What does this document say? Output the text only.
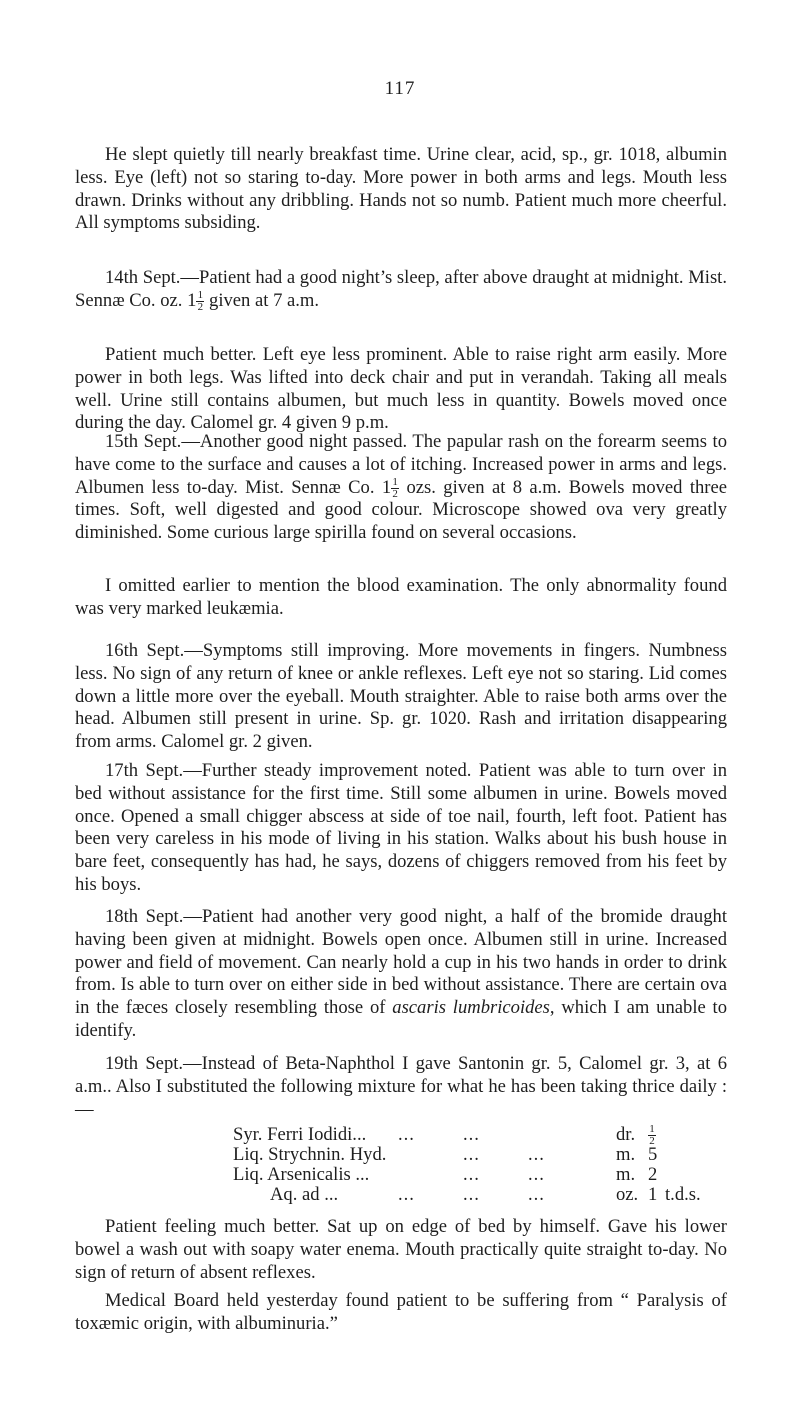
117

He slept quietly till nearly breakfast time. Urine clear, acid, sp., gr. 1018, albumin less. Eye (left) not so staring to-day. More power in both arms and legs. Mouth less drawn. Drinks without any dribbling. Hands not so numb. Patient much more cheerful. All symptoms subsiding.

14th Sept.—Patient had a good night’s sleep, after above draught at midnight. Mist. Sennæ Co. oz. $1 \frac{1}{2}$ given at 7 a.m.

Patient much better. Left eye less prominent. Able to raise right arm easily. More power in both legs. Was lifted into deck chair and put in verandah. Taking all meals well. Urine still contains albumen, but much less in quantity. Bowels moved once during the day. Calomel gr. 4 given 9 p.m.

15th Sept.—Another good night passed. The papular rash on the forearm seems to have come to the surface and causes a lot of itching. Increased power in arms and legs. Albumen less to-day. Mist. Sennæ Co. $1 \frac{1}{2}$ ozs. given at 8 a.m. Bowels moved three times. Soft, well digested and good colour. Microscope showed ova very greatly diminished. Some curious large spirilla found on several occasions.

I omitted earlier to mention the blood examination. The only abnormality found was very marked leukæmia.

16th Sept.—Symptoms still improving. More movements in fingers. Numbness less. No sign of any return of knee or ankle reflexes. Left eye not so staring. Lid comes down a little more over the eyeball. Mouth straighter. Able to raise both arms over the head. Albumen still present in urine. Sp. gr. 1020. Rash and irritation disappearing from arms. Calomel gr. 2 given.

17th Sept.—Further steady improvement noted. Patient was able to turn over in bed without assistance for the first time. Still some albumen in urine. Bowels moved once. Opened a small chigger abscess at side of toe nail, fourth, left foot. Patient has been very careless in his mode of living in his station. Walks about his bush house in bare feet, consequently has had, he says, dozens of chiggers removed from his feet by his boys.

18th Sept.—Patient had another very good night, a half of the bromide draught having been given at midnight. Bowels open once. Albumen still in urine. Increased power and field of movement. Can nearly hold a cup in his two hands in order to drink from. Is able to turn over on either side in bed without assistance. There are certain ova in the fæces closely resembling those of ascaris lumbricoides, which I am unable to identify.

19th Sept.—Instead of Beta-Naphthol I gave Santonin gr. 5, Calomel gr. 3, at 6 a.m.. Also I substituted the following mixture for what he has been taking thrice daily :—

Syr. Ferri Iodidi... ...	...	dr. $\frac{1}{2}$
Liq. Strychnin. Hyd.	...	...	m. 5
Liq. Arsenicalis ...	...	...	m. 2
Aq. ad ...	...	...	...	oz. 1 t.d.s.

Patient feeling much better. Sat up on edge of bed by himself. Gave his lower bowel a wash out with soapy water enema. Mouth practically quite straight to-day. No sign of return of absent reflexes.

Medical Board held yesterday found patient to be suffering from “ Paralysis of toxæmic origin, with albuminuria.”
